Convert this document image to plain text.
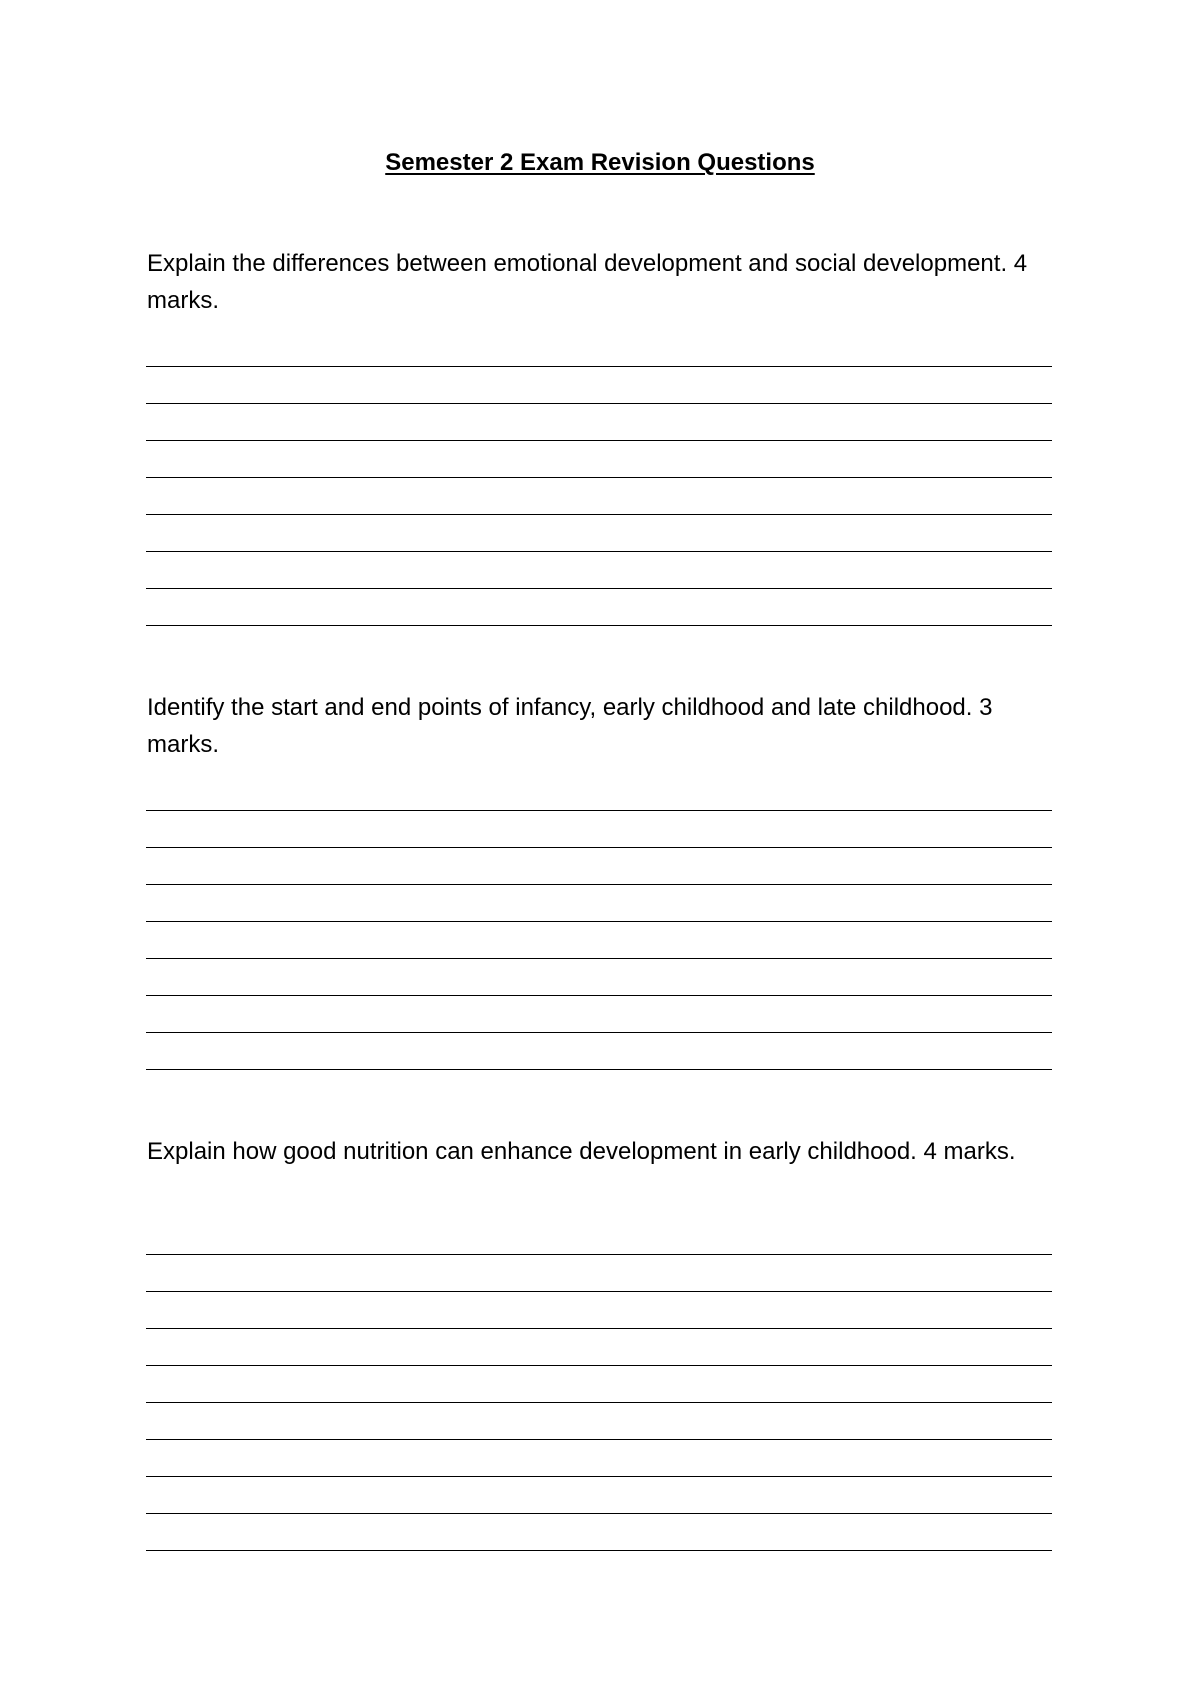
Semester 2 Exam Revision Questions

Explain the differences between emotional development and social development. 4 marks.

Identify the start and end points of infancy, early childhood and late childhood. 3 marks.

Explain how good nutrition can enhance development in early childhood. 4 marks.
